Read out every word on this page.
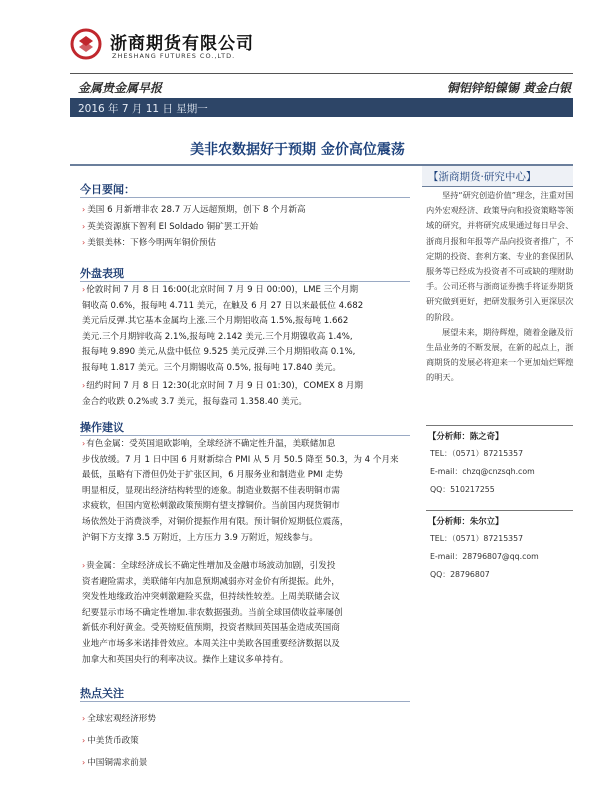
浙商期货有限公司
ZHESHANG FUTURES CO.,LTD.
金属贵金属早报	铜铝锌铅镍锡 黄金白银
2016 年 7 月 11 日 星期一
美非农数据好于预期 金价高位震荡
今日要闻：
› 美国 6 月新增非农 28.7 万人远超预期，创下 8 个月新高
› 英美资源旗下智利 El Soldado 铜矿罢工开始
› 美银美林：下修今明两年铜价预估
外盘表现
›伦敦时间 7 月 8 日 16:00(北京时间 7 月 9 日 00:00)，LME 三个月期
铜收高 0.6%，报每吨 4.711 美元，在触及 6 月 27 日以来最低位 4.682
美元后反弹.其它基本金属均上涨.三个月期铝收高 1.5%,报每吨 1.662
美元.三个月期锌收高 2.1%,报每吨 2.142 美元.三个月期镍收高 1.4%,
报每吨 9.890 美元,从盘中低位 9.525 美元反弹.三个月期铅收高 0.1%,
报每吨 1.817 美元。三个月期锡收高 0.5%, 报每吨 17.840 美元。
›纽约时间 7 月 8 日 12:30(北京时间 7 月 9 日 01:30)，COMEX 8 月期
金合约收跌 0.2%或 3.7 美元，报每盎司 1.358.40 美元。
操作建议
›有色金属：受英国退欧影响，全球经济不确定性升温，美联储加息
步伐放缓。7 月 1 日中国 6 月财新综合 PMI 从 5 月 50.5 降至 50.3，为 4 个月来
最低，虽略有下滑但仍处于扩张区间，6 月服务业和制造业 PMI 走势
明显相反，显现出经济结构转型的迹象。制造业数据不佳表明铜市需
求疲软，但国内宽松刺激政策预期有望支撑铜价。当前国内现货铜市
场依然处于消费淡季，对铜价提振作用有限。预计铜价短期低位震荡，
沪铜下方支撑 3.5 万附近，上方压力 3.9 万附近，短线参与。
›贵金属：全球经济成长不确定性增加及金融市场波动加剧，引发投
资者避险需求，美联储年内加息预期减弱亦对金价有所提振。此外，
突发性地缘政治冲突刺激避险买盘，但持续性较差。上周美联储会议
纪要显示市场不确定性增加.非农数据强劲。当前全球国债收益率屡创
新低亦利好黄金。受英镑贬值预期，投资者赎回英国基金造成英国商
业地产市场多米诺排骨效应。本周关注中美欧各国重要经济数据以及
加拿大和英国央行的利率决议。操作上建议多单持有。
热点关注
› 全球宏观经济形势
› 中美货币政策
› 中国铜需求前景
【浙商期货·研究中心】

坚持“研究创造价值”理念，注重对国内外宏观经济、政策导向和投资策略等领域的研究，并将研究成果通过每日早会、浙商月报和年报等产品向投资者推广，不定期的投资、套利方案、专业的套保团队服务等已经成为投资者不可或缺的理财助手。公司还将与浙商证券携手将证券期货研究做到更好，把研发服务引入更深层次的阶段。

展望未来，期待辉煌，随着金融及衍生品业务的不断发展，在新的起点上，浙商期货的发展必将迎来一个更加灿烂辉煌的明天。

【分析师：陈之奇】
TEL：（0571）87215357
E-mail：chzq@cnzsqh.com
QQ：510217255
【分析师：朱尔立】
TEL：（0571）87215357
E-mail：28796807@qq.com
QQ：28796807
